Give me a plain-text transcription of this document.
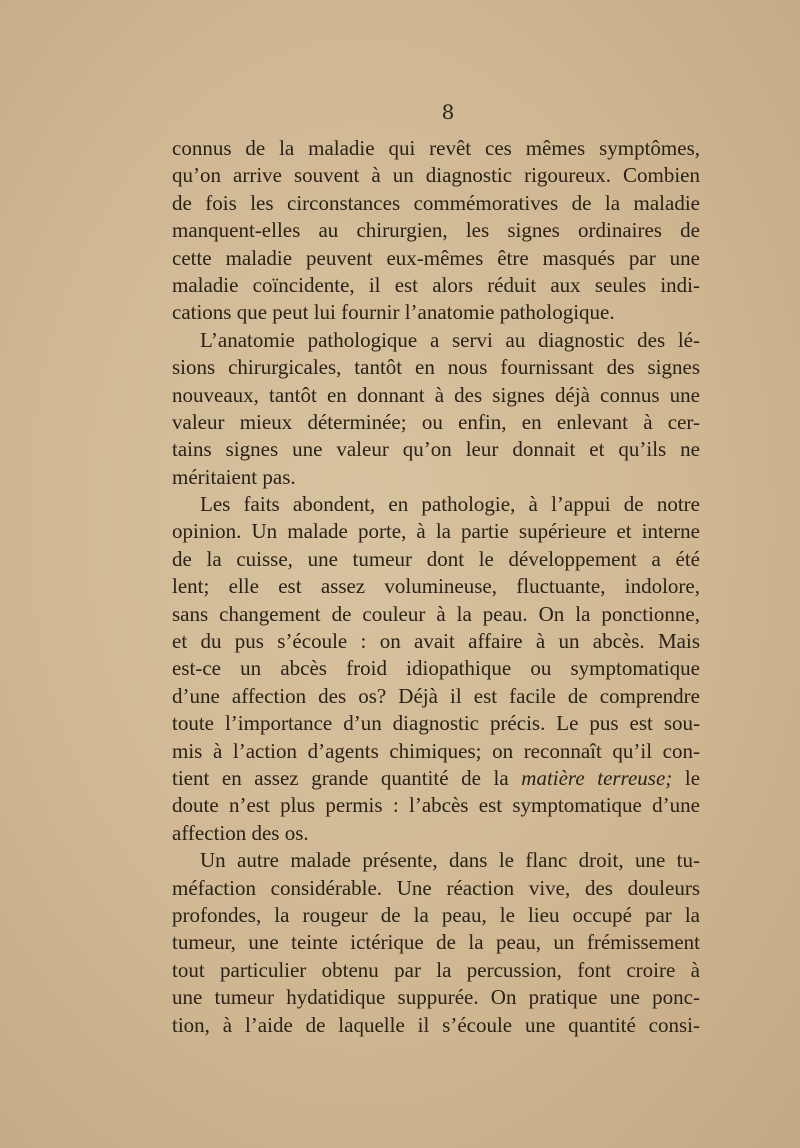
8
connus de la maladie qui revêt ces mêmes symptômes,
qu’on arrive souvent à un diagnostic rigoureux. Combien
de fois les circonstances commémoratives de la maladie
manquent-elles au chirurgien, les signes ordinaires de
cette maladie peuvent eux-mêmes être masqués par une
maladie coïncidente, il est alors réduit aux seules indi-
cations que peut lui fournir l’anatomie pathologique.
L’anatomie pathologique a servi au diagnostic des lé-
sions chirurgicales, tantôt en nous fournissant des signes
nouveaux, tantôt en donnant à des signes déjà connus une
valeur mieux déterminée; ou enfin, en enlevant à cer-
tains signes une valeur qu’on leur donnait et qu’ils ne
méritaient pas.
Les faits abondent, en pathologie, à l’appui de notre
opinion. Un malade porte, à la partie supérieure et interne
de la cuisse, une tumeur dont le développement a été
lent; elle est assez volumineuse, fluctuante, indolore,
sans changement de couleur à la peau. On la ponctionne,
et du pus s’écoule : on avait affaire à un abcès. Mais
est-ce un abcès froid idiopathique ou symptomatique
d’une affection des os? Déjà il est facile de comprendre
toute l’importance d’un diagnostic précis. Le pus est sou-
mis à l’action d’agents chimiques; on reconnaît qu’il con-
tient en assez grande quantité de la matière terreuse; le
doute n’est plus permis : l’abcès est symptomatique d’une
affection des os.
Un autre malade présente, dans le flanc droit, une tu-
méfaction considérable. Une réaction vive, des douleurs
profondes, la rougeur de la peau, le lieu occupé par la
tumeur, une teinte ictérique de la peau, un frémissement
tout particulier obtenu par la percussion, font croire à
une tumeur hydatidique suppurée. On pratique une ponc-
tion, à l’aide de laquelle il s’écoule une quantité consi-
